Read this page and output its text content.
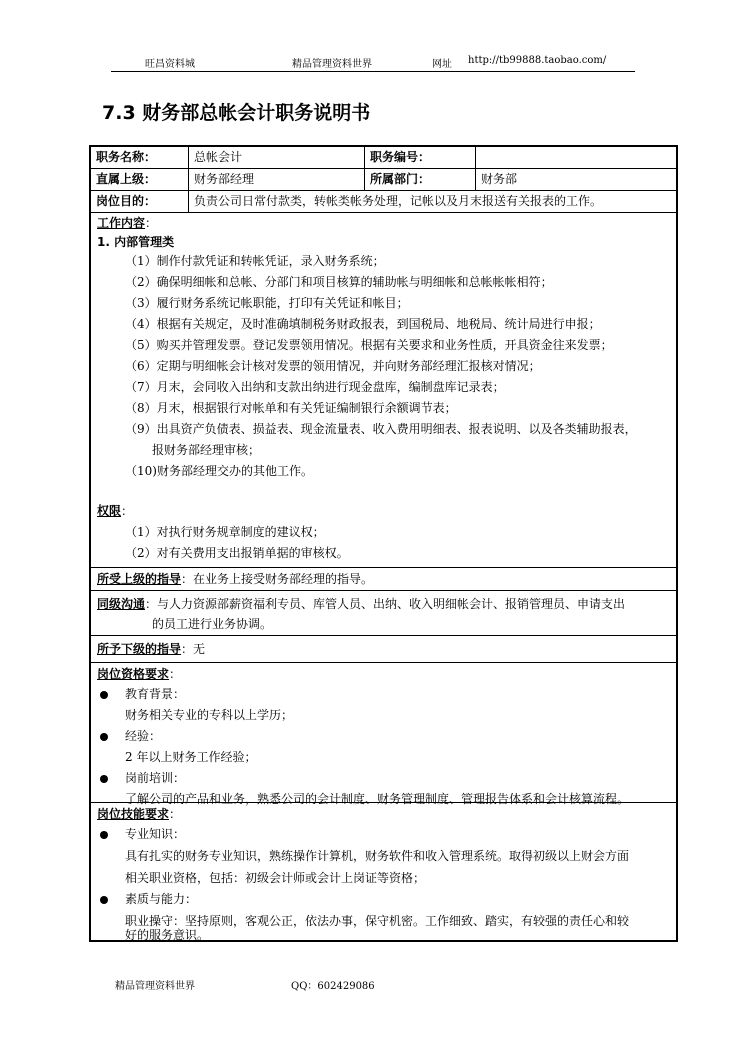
旺昌资料城	精品管理资料世界	网址 http://tb99888.taobao.com/
7.3 财务部总帐会计职务说明书
职务名称：	总帐会计	职务编号：
直属上级：	财务部经理	所属部门：	财务部
岗位目的：	负责公司日常付款类，转帐类帐务处理，记帐以及月末报送有关报表的工作。
工作内容：
1. 内部管理类
（1）制作付款凭证和转帐凭证，录入财务系统；
（2）确保明细帐和总帐、分部门和项目核算的辅助帐与明细帐和总帐帐帐相符；
（3）履行财务系统记帐职能，打印有关凭证和帐目；
（4）根据有关规定，及时准确填制税务财政报表，到国税局、地税局、统计局进行申报；
（5）购买并管理发票。登记发票领用情况。根据有关要求和业务性质，开具资金往来发票；
（6）定期与明细帐会计核对发票的领用情况，并向财务部经理汇报核对情况；
（7）月末，会同收入出纳和支款出纳进行现金盘库，编制盘库记录表；
（8）月末，根据银行对帐单和有关凭证编制银行余额调节表；
（9）出具资产负债表、损益表、现金流量表、收入费用明细表、报表说明、以及各类辅助报表，
报财务部经理审核；
（10)财务部经理交办的其他工作。
权限：
（1）对执行财务规章制度的建议权；
（2）对有关费用支出报销单据的审核权。
所受上级的指导：在业务上接受财务部经理的指导。
同级沟通：与人力资源部薪资福利专员、库管人员、出纳、收入明细帐会计、报销管理员、申请支出
的员工进行业务协调。
所予下级的指导：无
岗位资格要求：
教育背景：
财务相关专业的专科以上学历；
经验：
2 年以上财务工作经验；
岗前培训：
了解公司的产品和业务，熟悉公司的会计制度、财务管理制度、管理报告体系和会计核算流程。
岗位技能要求：
专业知识：
具有扎实的财务专业知识，熟练操作计算机，财务软件和收入管理系统。取得初级以上财会方面
相关职业资格，包括：初级会计师或会计上岗证等资格；
素质与能力：
职业操守：坚持原则，客观公正，依法办事，保守机密。工作细致、踏实，有较强的责任心和较
好的服务意识。
精品管理资料世界	QQ：602429086
